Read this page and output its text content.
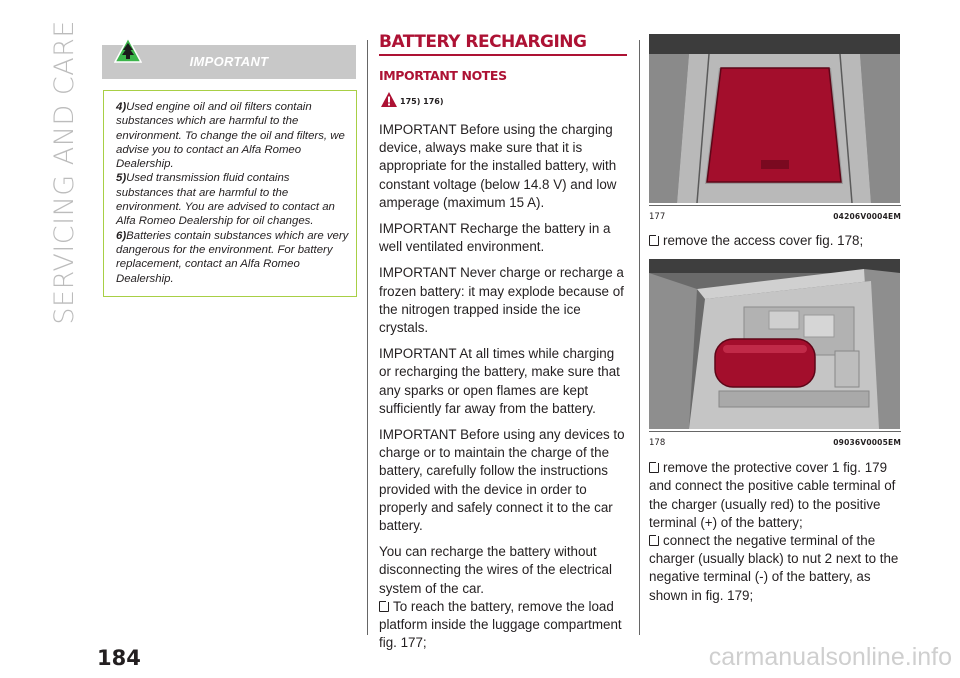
SERVICING AND CARE	IMPORTANT

4)Used engine oil and oil filters contain substances which are harmful to the environment. To change the oil and filters, we advise you to contact an Alfa Romeo Dealership.

5)Used transmission fluid contains substances that are harmful to the environment. You are advised to contact an Alfa Romeo Dealership for oil changes.

6)Batteries contain substances which are very dangerous for the environment. For battery replacement, contact an Alfa Romeo Dealership.

BATTERY RECHARGING
IMPORTANT NOTES
175) 176)

IMPORTANT Before using the charging device, always make sure that it is appropriate for the installed battery, with constant voltage (below 14.8 V) and low amperage (maximum 15 A).

IMPORTANT Recharge the battery in a well ventilated environment.

IMPORTANT Never charge or recharge a frozen battery: it may explode because of the nitrogen trapped inside the ice crystals.

IMPORTANT At all times while charging or recharging the battery, make sure that any sparks or open flames are kept sufficiently far away from the battery.

IMPORTANT Before using any devices to charge or to maintain the charge of the battery, carefully follow the instructions provided with the device in order to properly and safely connect it to the car battery.

You can recharge the battery without disconnecting the wires of the electrical system of the car.

To reach the battery, remove the load platform inside the luggage compartment fig. 177;

177	04206V0004EM

remove the access cover fig. 178;

178	09036V0005EM

remove the protective cover 1 fig. 179 and connect the positive cable terminal of the charger (usually red) to the positive terminal (+) of the battery;

connect the negative terminal of the charger (usually black) to nut 2 next to the negative terminal (-) of the battery, as shown in fig. 179;

184	carmanualsonline.info
